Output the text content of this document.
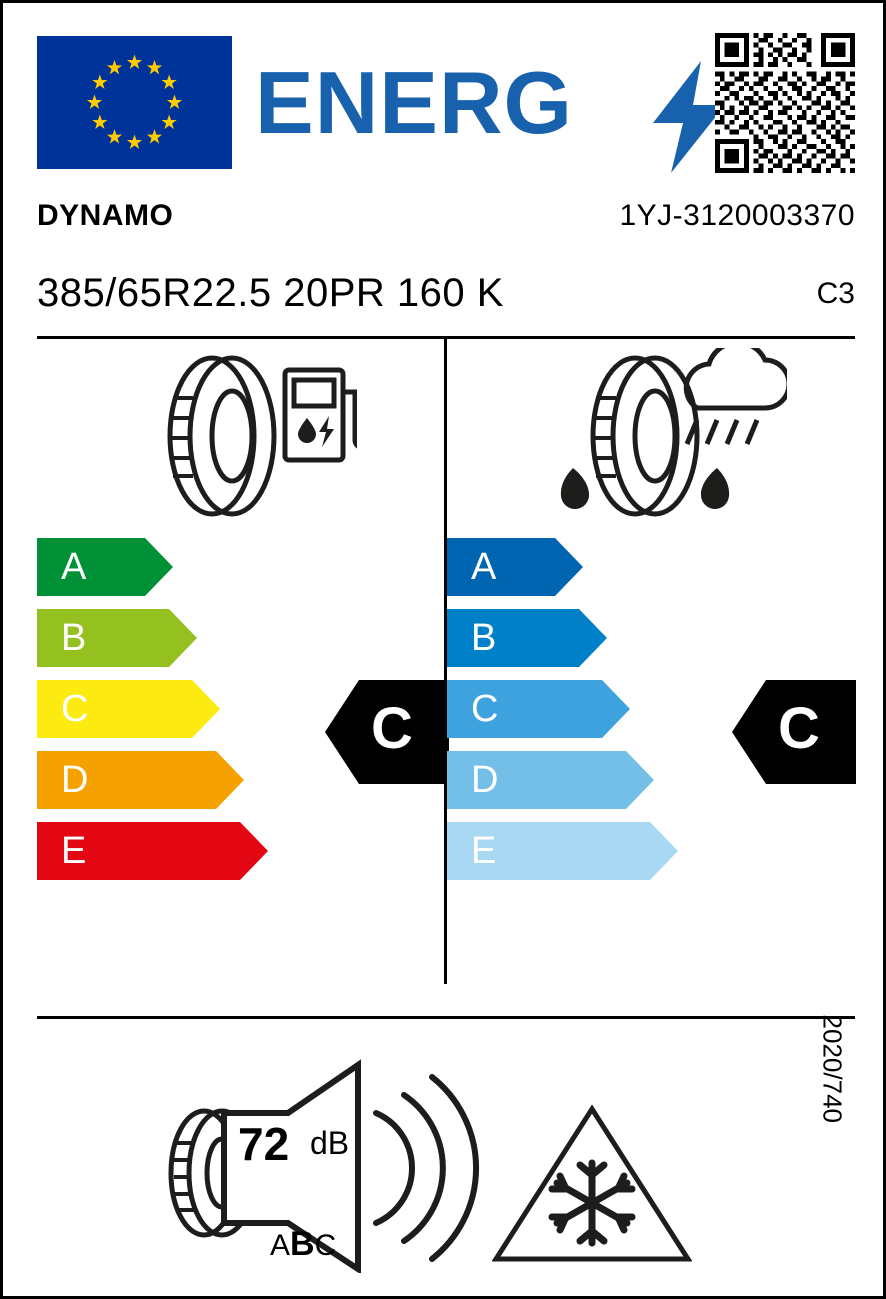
ENERG
DYNAMO	1YJ-3120003370
385/65R22.5 20PR 160 K	C3
A
B
C
D
E
C
A
B
C
D
E
C
72 dB
ABC
2020/740
